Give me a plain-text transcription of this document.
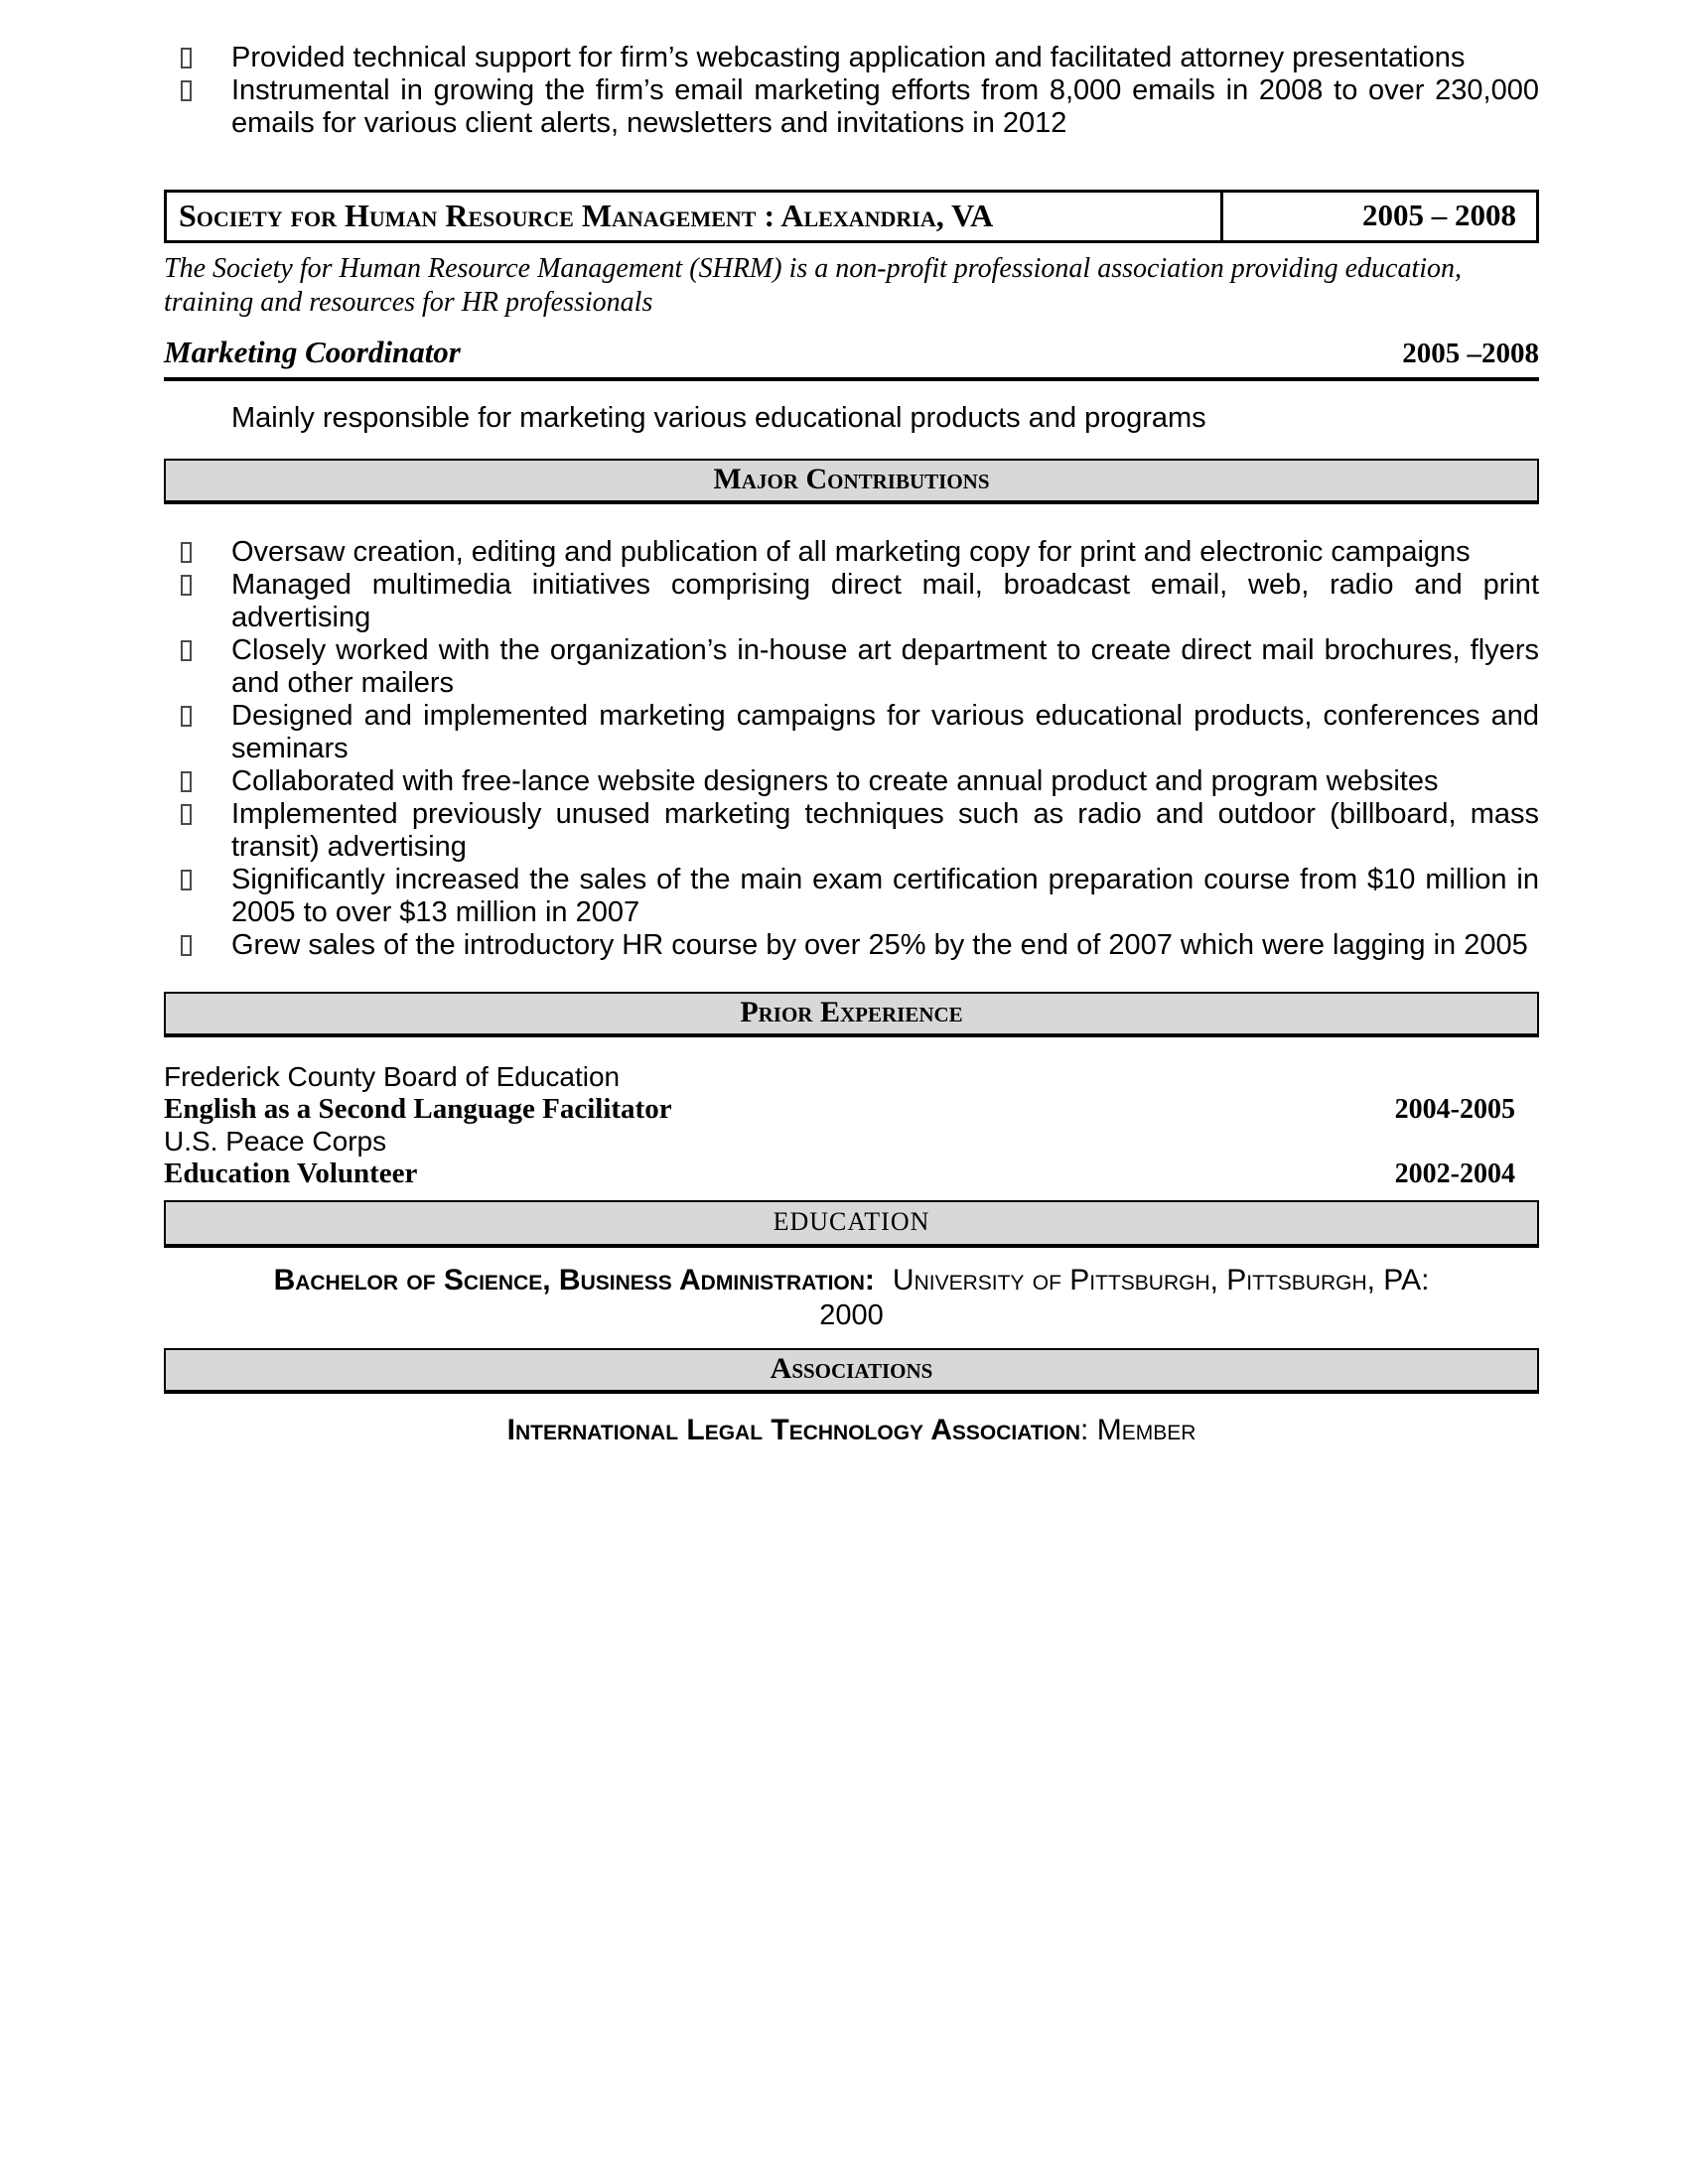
Provided technical support for firm’s webcasting application and facilitated attorney presentations
Instrumental in growing the firm’s email marketing efforts from 8,000 emails in 2008 to over 230,000 emails for various client alerts, newsletters and invitations in 2012
Society for Human Resource Management : Alexandria, VA	2005 – 2008
The Society for Human Resource Management (SHRM) is a non-profit professional association providing education, training and resources for HR professionals
Marketing Coordinator	2005 –2008
Mainly responsible for marketing various educational products and programs
Major Contributions
Oversaw creation, editing and publication of all marketing copy for print and electronic campaigns
Managed multimedia initiatives comprising direct mail, broadcast email, web, radio and print advertising
Closely worked with the organization’s in-house art department to create direct mail brochures, flyers and other mailers
Designed and implemented marketing campaigns for various educational products, conferences and seminars
Collaborated with free-lance website designers to create annual product and program websites
Implemented previously unused marketing techniques such as radio and outdoor (billboard, mass transit) advertising
Significantly increased the sales of the main exam certification preparation course from $10 million in 2005 to over $13 million in 2007
Grew sales of the introductory HR course by over 25% by the end of 2007 which were lagging in 2005
Prior Experience
Frederick County Board of Education
English as a Second Language Facilitator	2004-2005
U.S. Peace Corps
Education Volunteer	2002-2004
EDUCATION
Bachelor of Science, Business Administration: University of Pittsburgh, Pittsburgh, PA:
2000
Associations
International Legal Technology Association: Member
